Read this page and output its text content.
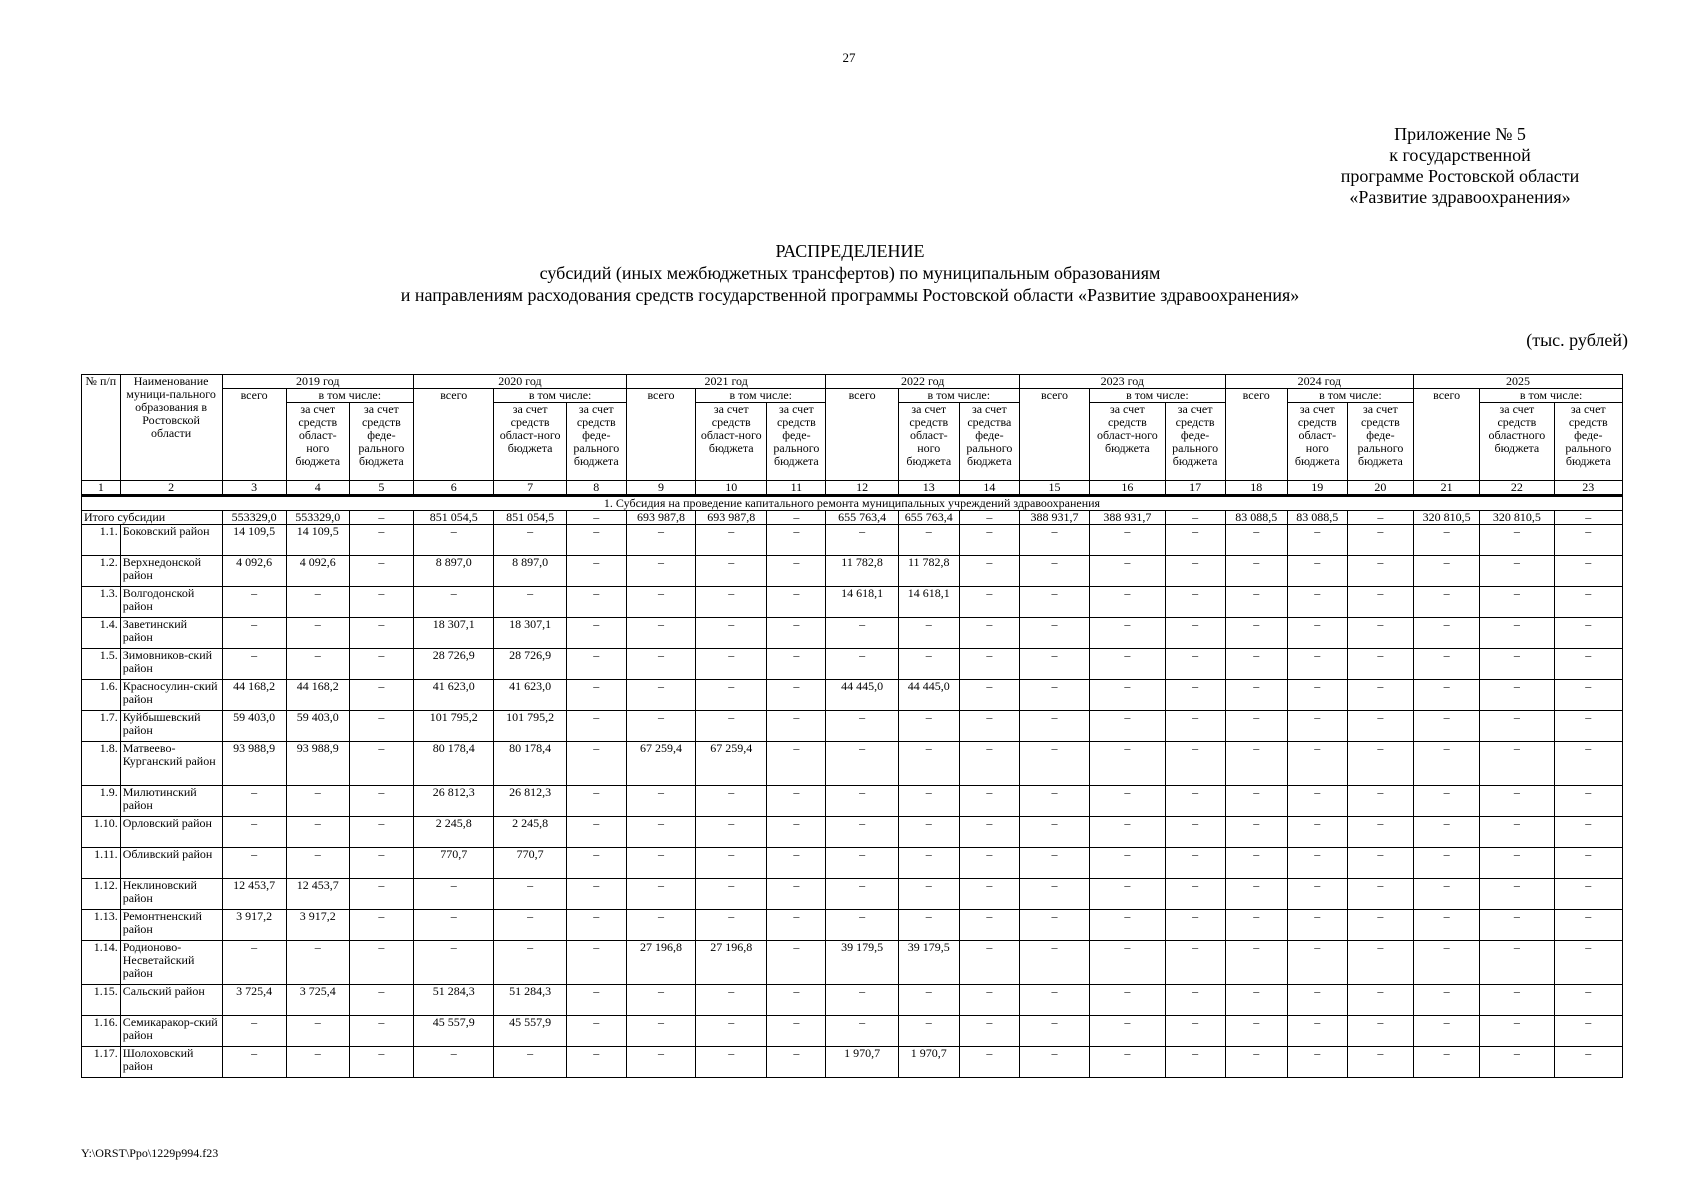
27
Приложение № 5
к государственной
программе Ростовской области
«Развитие здравоохранения»
РАСПРЕДЕЛЕНИЕ
субсидий (иных межбюджетных трансфертов) по муниципальным образованиям
и направлениям расходования средств государственной программы Ростовской области «Развитие здравоохранения»
(тыс. рублей)
№ п/п	Наименование муници-пального образования в Ростовской области	2019 год			2020 год			2021 год			2022 год			2023 год			2024 год			2025		
		всего	в том числе:		всего	в том числе:		всего	в том числе:		всего	в том числе:		всего	в том числе:		всего	в том числе:		всего	в том числе:	
			за счет средств област-ного бюджета	за счет средств феде-рального бюджета		за счет средств област-ного бюджета	за счет средств феде-рального бюджета		за счет средств област-ного бюджета	за счет средств феде-рального бюджета		за счет средств област-ного бюджета	за счет средства феде-рального бюджета		за счет средств област-ного бюджета	за счет средств феде-рального бюджета		за счет средств област-ного бюджета	за счет средств феде-рального бюджета		за счет средств областного бюджета	за счет средств феде-рального бюджета
1	2	3	4	5	6	7	8	9	10	11	12	13	14	15	16	17	18	19	20	21	22	23
1. Субсидия на проведение капитального ремонта муниципальных учреждений здравоохранения																						
Итого субсидии		553329,0	553329,0	–	851 054,5	851 054,5	–	693 987,8	693 987,8	–	655 763,4	655 763,4	–	388 931,7	388 931,7	–	83 088,5	83 088,5	–	320 810,5	320 810,5	–
1.1.	Боковский район	14 109,5	14 109,5	–	–	–	–	–	–	–	–	–	–	–	–	–	–	–	–	–	–	–
1.2.	Верхнедонской район	4 092,6	4 092,6	–	8 897,0	8 897,0	–	–	–	–	11 782,8	11 782,8	–	–	–	–	–	–	–	–	–	–
1.3.	Волгодонской район	–	–	–	–	–	–	–	–	–	14 618,1	14 618,1	–	–	–	–	–	–	–	–	–	–
1.4.	Заветинский район	–	–	–	18 307,1	18 307,1	–	–	–	–	–	–	–	–	–	–	–	–	–	–	–	–
1.5.	Зимовников-ский район	–	–	–	28 726,9	28 726,9	–	–	–	–	–	–	–	–	–	–	–	–	–	–	–	–
1.6.	Красносулин-ский район	44 168,2	44 168,2	–	41 623,0	41 623,0	–	–	–	–	44 445,0	44 445,0	–	–	–	–	–	–	–	–	–	–
1.7.	Куйбышевский район	59 403,0	59 403,0	–	101 795,2	101 795,2	–	–	–	–	–	–	–	–	–	–	–	–	–	–	–	–
1.8.	Матвеево-Курганский район	93 988,9	93 988,9	–	80 178,4	80 178,4	–	67 259,4	67 259,4	–	–	–	–	–	–	–	–	–	–	–	–	–
1.9.	Милютинский район	–	–	–	26 812,3	26 812,3	–	–	–	–	–	–	–	–	–	–	–	–	–	–	–	–
1.10.	Орловский район	–	–	–	2 245,8	2 245,8	–	–	–	–	–	–	–	–	–	–	–	–	–	–	–	–
1.11.	Обливский район	–	–	–	770,7	770,7	–	–	–	–	–	–	–	–	–	–	–	–	–	–	–	–
1.12.	Неклиновский район	12 453,7	12 453,7	–	–	–	–	–	–	–	–	–	–	–	–	–	–	–	–	–	–	–
1.13.	Ремонтненский район	3 917,2	3 917,2	–	–	–	–	–	–	–	–	–	–	–	–	–	–	–	–	–	–	–
1.14.	Родионово-Несветайский район	–	–	–	–	–	–	27 196,8	27 196,8	–	39 179,5	39 179,5	–	–	–	–	–	–	–	–	–	–
1.15.	Сальский район	3 725,4	3 725,4	–	51 284,3	51 284,3	–	–	–	–	–	–	–	–	–	–	–	–	–	–	–	–
1.16.	Семикаракор-ский район	–	–	–	45 557,9	45 557,9	–	–	–	–	–	–	–	–	–	–	–	–	–	–	–	–
1.17.	Шолоховский район	–	–	–	–	–	–	–	–	–	1 970,7	1 970,7	–	–	–	–	–	–	–	–	–	–
Y:\ORST\Ppo\1229p994.f23
